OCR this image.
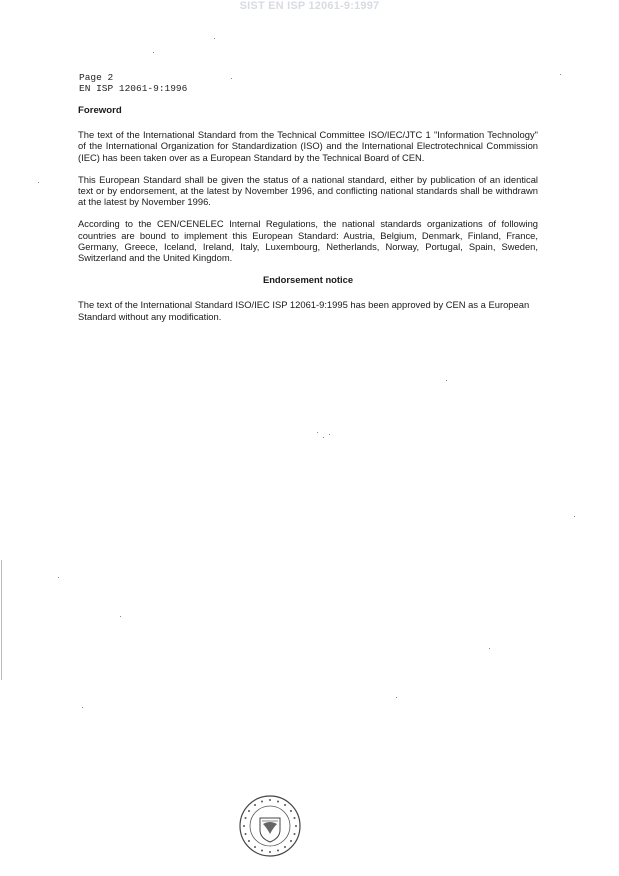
SIST EN ISP 12061-9:1997
Page 2
EN ISP 12061-9:1996
Foreword

The text of the International Standard from the Technical Committee ISO/IEC/JTC 1 "Information Technology" of the International Organization for Standardization (ISO) and the International Electrotechnical Commission (IEC) has been taken over as a European Standard by the Technical Board of CEN.

This European Standard shall be given the status of a national standard, either by publication of an identical text or by endorsement, at the latest by November 1996, and conflicting national standards shall be withdrawn at the latest by November 1996.

According to the CEN/CENELEC Internal Regulations, the national standards organizations of following countries are bound to implement this European Standard: Austria, Belgium, Denmark, Finland, France, Germany, Greece, Iceland, Ireland, Italy, Luxembourg, Netherlands, Norway, Portugal, Spain, Sweden, Switzerland and the United Kingdom.

Endorsement notice

The text of the International Standard ISO/IEC ISP 12061-9:1995 has been approved by CEN as a European Standard without any modification.
